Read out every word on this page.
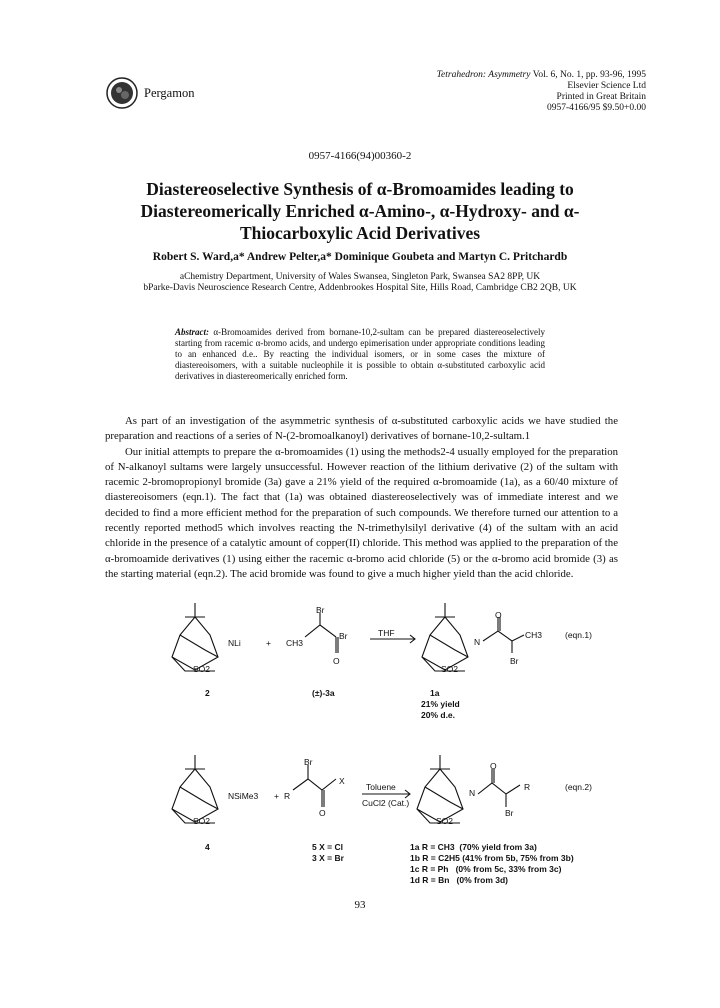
Pergamon
Tetrahedron: Asymmetry Vol. 6, No. 1, pp. 93-96, 1995
Elsevier Science Ltd
Printed in Great Britain
0957-4166/95 $9.50+0.00
0957-4166(94)00360-2
Diastereoselective Synthesis of α-Bromoamides leading to Diastereomerically Enriched α-Amino-, α-Hydroxy- and α-Thiocarboxylic Acid Derivatives
Robert S. Ward,a* Andrew Pelter,a* Dominique Goubeta and Martyn C. Pritchardb
aChemistry Department, University of Wales Swansea, Singleton Park, Swansea SA2 8PP, UK
bParke-Davis Neuroscience Research Centre, Addenbrookes Hospital Site, Hills Road, Cambridge CB2 2QB, UK
Abstract: α-Bromoamides derived from bornane-10,2-sultam can be prepared diastereoselectively starting from racemic α-bromo acids, and undergo epimerisation under appropriate conditions leading to an enhanced d.e.. By reacting the individual isomers, or in some cases the mixture of diastereoisomers, with a suitable nucleophile it is possible to obtain α-substituted carboxylic acid derivatives in diastereomerically enriched form.

As part of an investigation of the asymmetric synthesis of α-substituted carboxylic acids we have studied the preparation and reactions of a series of N-(2-bromoalkanoyl) derivatives of bornane-10,2-sultam.1

Our initial attempts to prepare the α-bromoamides (1) using the methods2-4 usually employed for the preparation of N-alkanoyl sultams were largely unsuccessful. However reaction of the lithium derivative (2) of the sultam with racemic 2-bromopropionyl bromide (3a) gave a 21% yield of the required α-bromoamide (1a), as a 60/40 mixture of diastereoisomers (eqn.1). The fact that (1a) was obtained diastereoselectively was of immediate interest and we decided to find a more efficient method for the preparation of such compounds. We therefore turned our attention to a recently reported method5 which involves reacting the N-trimethylsilyl derivative (4) of the sultam with an acid chloride in the presence of a catalytic amount of copper(II) chloride. This method was applied to the preparation of the α-bromoamide derivatives (1) using either the racemic α-bromo acid chloride (5) or the α-bromo acid bromide (3) as the starting material (eqn.2). The acid bromide was found to give a much higher yield than the acid chloride.

NLi	+ CH3
Br
Br
O
SO2
THF
N
O
CH3
Br
SO2
(eqn.1)
2	(±)-3a	1a
21% yield
20% d.e.
NSiMe3 + R
Br
X
O
SO2
Toluene
CuCl2 (Cat.)
N
O
R
Br
SO2
(eqn.2)
4	5 X = Cl
3 X = Br
1a R = CH3  (70% yield from 3a)
1b R = C2H5 (41% from 5b, 75% from 3b)
1c R = Ph   (0% from 5c, 33% from 3c)
1d R = Bn   (0% from 3d)
93
